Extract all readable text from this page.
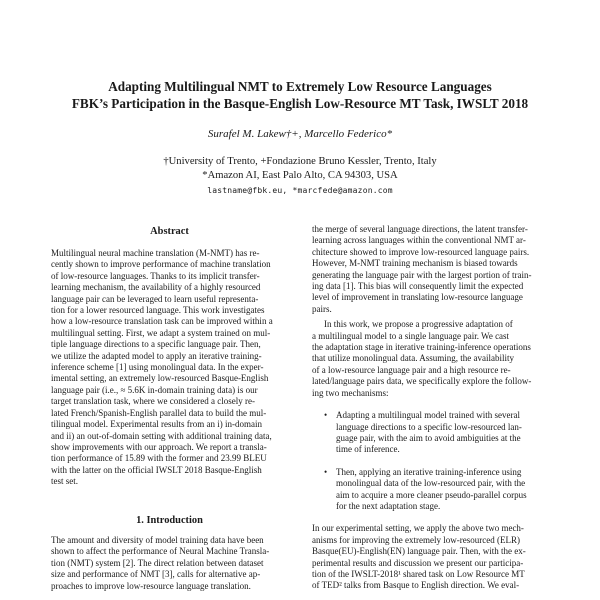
Adapting Multilingual NMT to Extremely Low Resource Languages
FBK’s Participation in the Basque-English Low-Resource MT Task, IWSLT 2018
Surafel M. Lakew†+, Marcello Federico*
†University of Trento, +Fondazione Bruno Kessler, Trento, Italy
*Amazon AI, East Palo Alto, CA 94303, USA
lastname@fbk.eu, *marcfede@amazon.com
Abstract
Multilingual neural machine translation (M-NMT) has re-
cently shown to improve performance of machine translation
of low-resource languages. Thanks to its implicit transfer-
learning mechanism, the availability of a highly resourced
language pair can be leveraged to learn useful representa-
tion for a lower resourced language. This work investigates
how a low-resource translation task can be improved within a
multilingual setting. First, we adapt a system trained on mul-
tiple language directions to a specific language pair. Then,
we utilize the adapted model to apply an iterative training-
inference scheme [1] using monolingual data. In the exper-
imental setting, an extremely low-resourced Basque-English
language pair (i.e., ≈ 5.6K in-domain training data) is our
target translation task, where we considered a closely re-
lated French/Spanish-English parallel data to build the mul-
tilingual model. Experimental results from an i) in-domain
and ii) an out-of-domain setting with additional training data,
show improvements with our approach. We report a transla-
tion performance of 15.89 with the former and 23.99 BLEU
with the latter on the official IWSLT 2018 Basque-English
test set.
1. Introduction
The amount and diversity of model training data have been
shown to affect the performance of Neural Machine Transla-
tion (NMT) system [2]. The direct relation between dataset
size and performance of NMT [3], calls for alternative ap-
proaches to improve low-resource language translation.
the merge of several language directions, the latent transfer-
learning across languages within the conventional NMT ar-
chitecture showed to improve low-resourced language pairs.
However, M-NMT training mechanism is biased towards
generating the language pair with the largest portion of train-
ing data [1]. This bias will consequently limit the expected
level of improvement in translating low-resource language
pairs.
In this work, we propose a progressive adaptation of
a multilingual model to a single language pair. We cast
the adaptation stage in iterative training-inference operations
that utilize monolingual data. Assuming, the availability
of a low-resource language pair and a high resource re-
lated/language pairs data, we specifically explore the follow-
ing two mechanisms:
• Adapting a multilingual model trained with several
language directions to a specific low-resourced lan-
guage pair, with the aim to avoid ambiguities at the
time of inference.
• Then, applying an iterative training-inference using
monolingual data of the low-resourced pair, with the
aim to acquire a more cleaner pseudo-parallel corpus
for the next adaptation stage.
In our experimental setting, we apply the above two mech-
anisms for improving the extremely low-resourced (ELR)
Basque(EU)-English(EN) language pair. Then, with the ex-
perimental results and discussion we present our participa-
tion of the IWSLT-2018¹ shared task on Low Resource MT
of TED² talks from Basque to English direction. We eval-
